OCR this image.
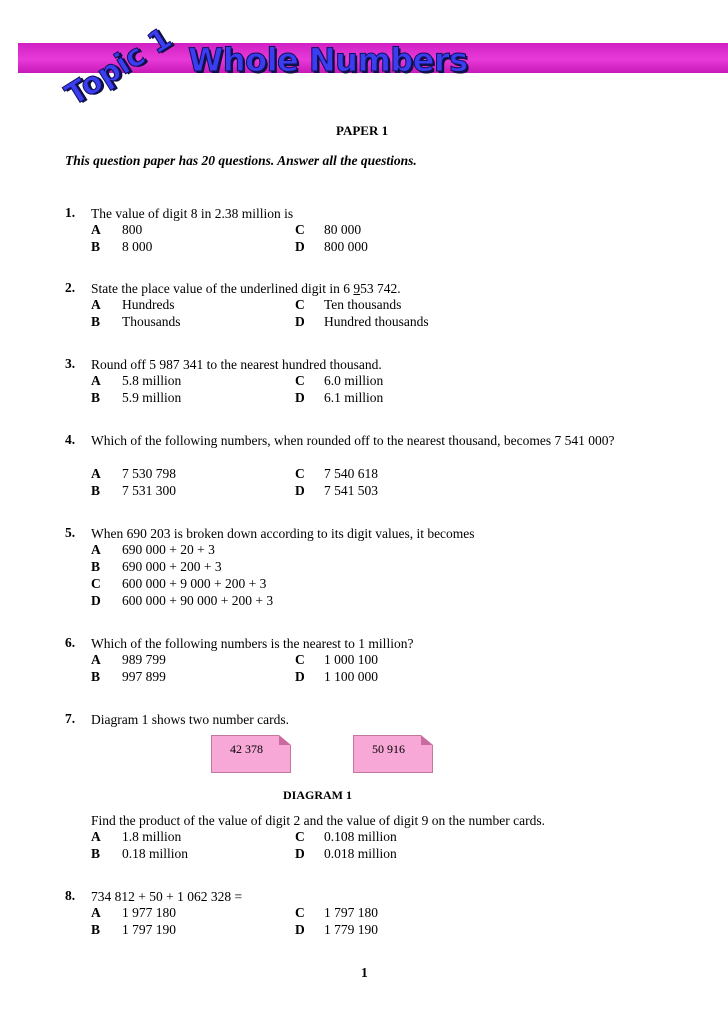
Whole Numbers
Topic 1
PAPER 1
This question paper has 20 questions. Answer all the questions.
1. The value of digit 8 in 2.38 million is
A	800	C 80 000
B	8 000	D 800 000
2. State the place value of the underlined digit in 6 953 742.
A	Hundreds	C Ten thousands
B	Thousands	D Hundred thousands
3. Round off 5 987 341 to the nearest hundred thousand.
A	5.8 million	C 6.0 million
B	5.9 million	D 6.1 million
4. Which of the following numbers, when rounded off to the nearest thousand, becomes 7 541 000?
A	7 530 798	C 7 540 618
B	7 531 300	D 7 541 503
5. When 690 203 is broken down according to its digit values, it becomes
A	690 000 + 20 + 3
B	690 000 + 200 + 3
C	600 000 + 9 000 + 200 + 3
D	600 000 + 90 000 + 200 + 3
6. Which of the following numbers is the nearest to 1 million?
A	989 799	C 1 000 100
B	997 899	D 1 100 000
7. Diagram 1 shows two number cards.
42 378	50 916
DIAGRAM 1
Find the product of the value of digit 2 and the value of digit 9 on the number cards.
A	1.8 million	C 0.108 million
B	0.18 million	D 0.018 million
8. 734 812 + 50 + 1 062 328 =
A	1 977 180	C 1 797 180
B	1 797 190	D 1 779 190
1
